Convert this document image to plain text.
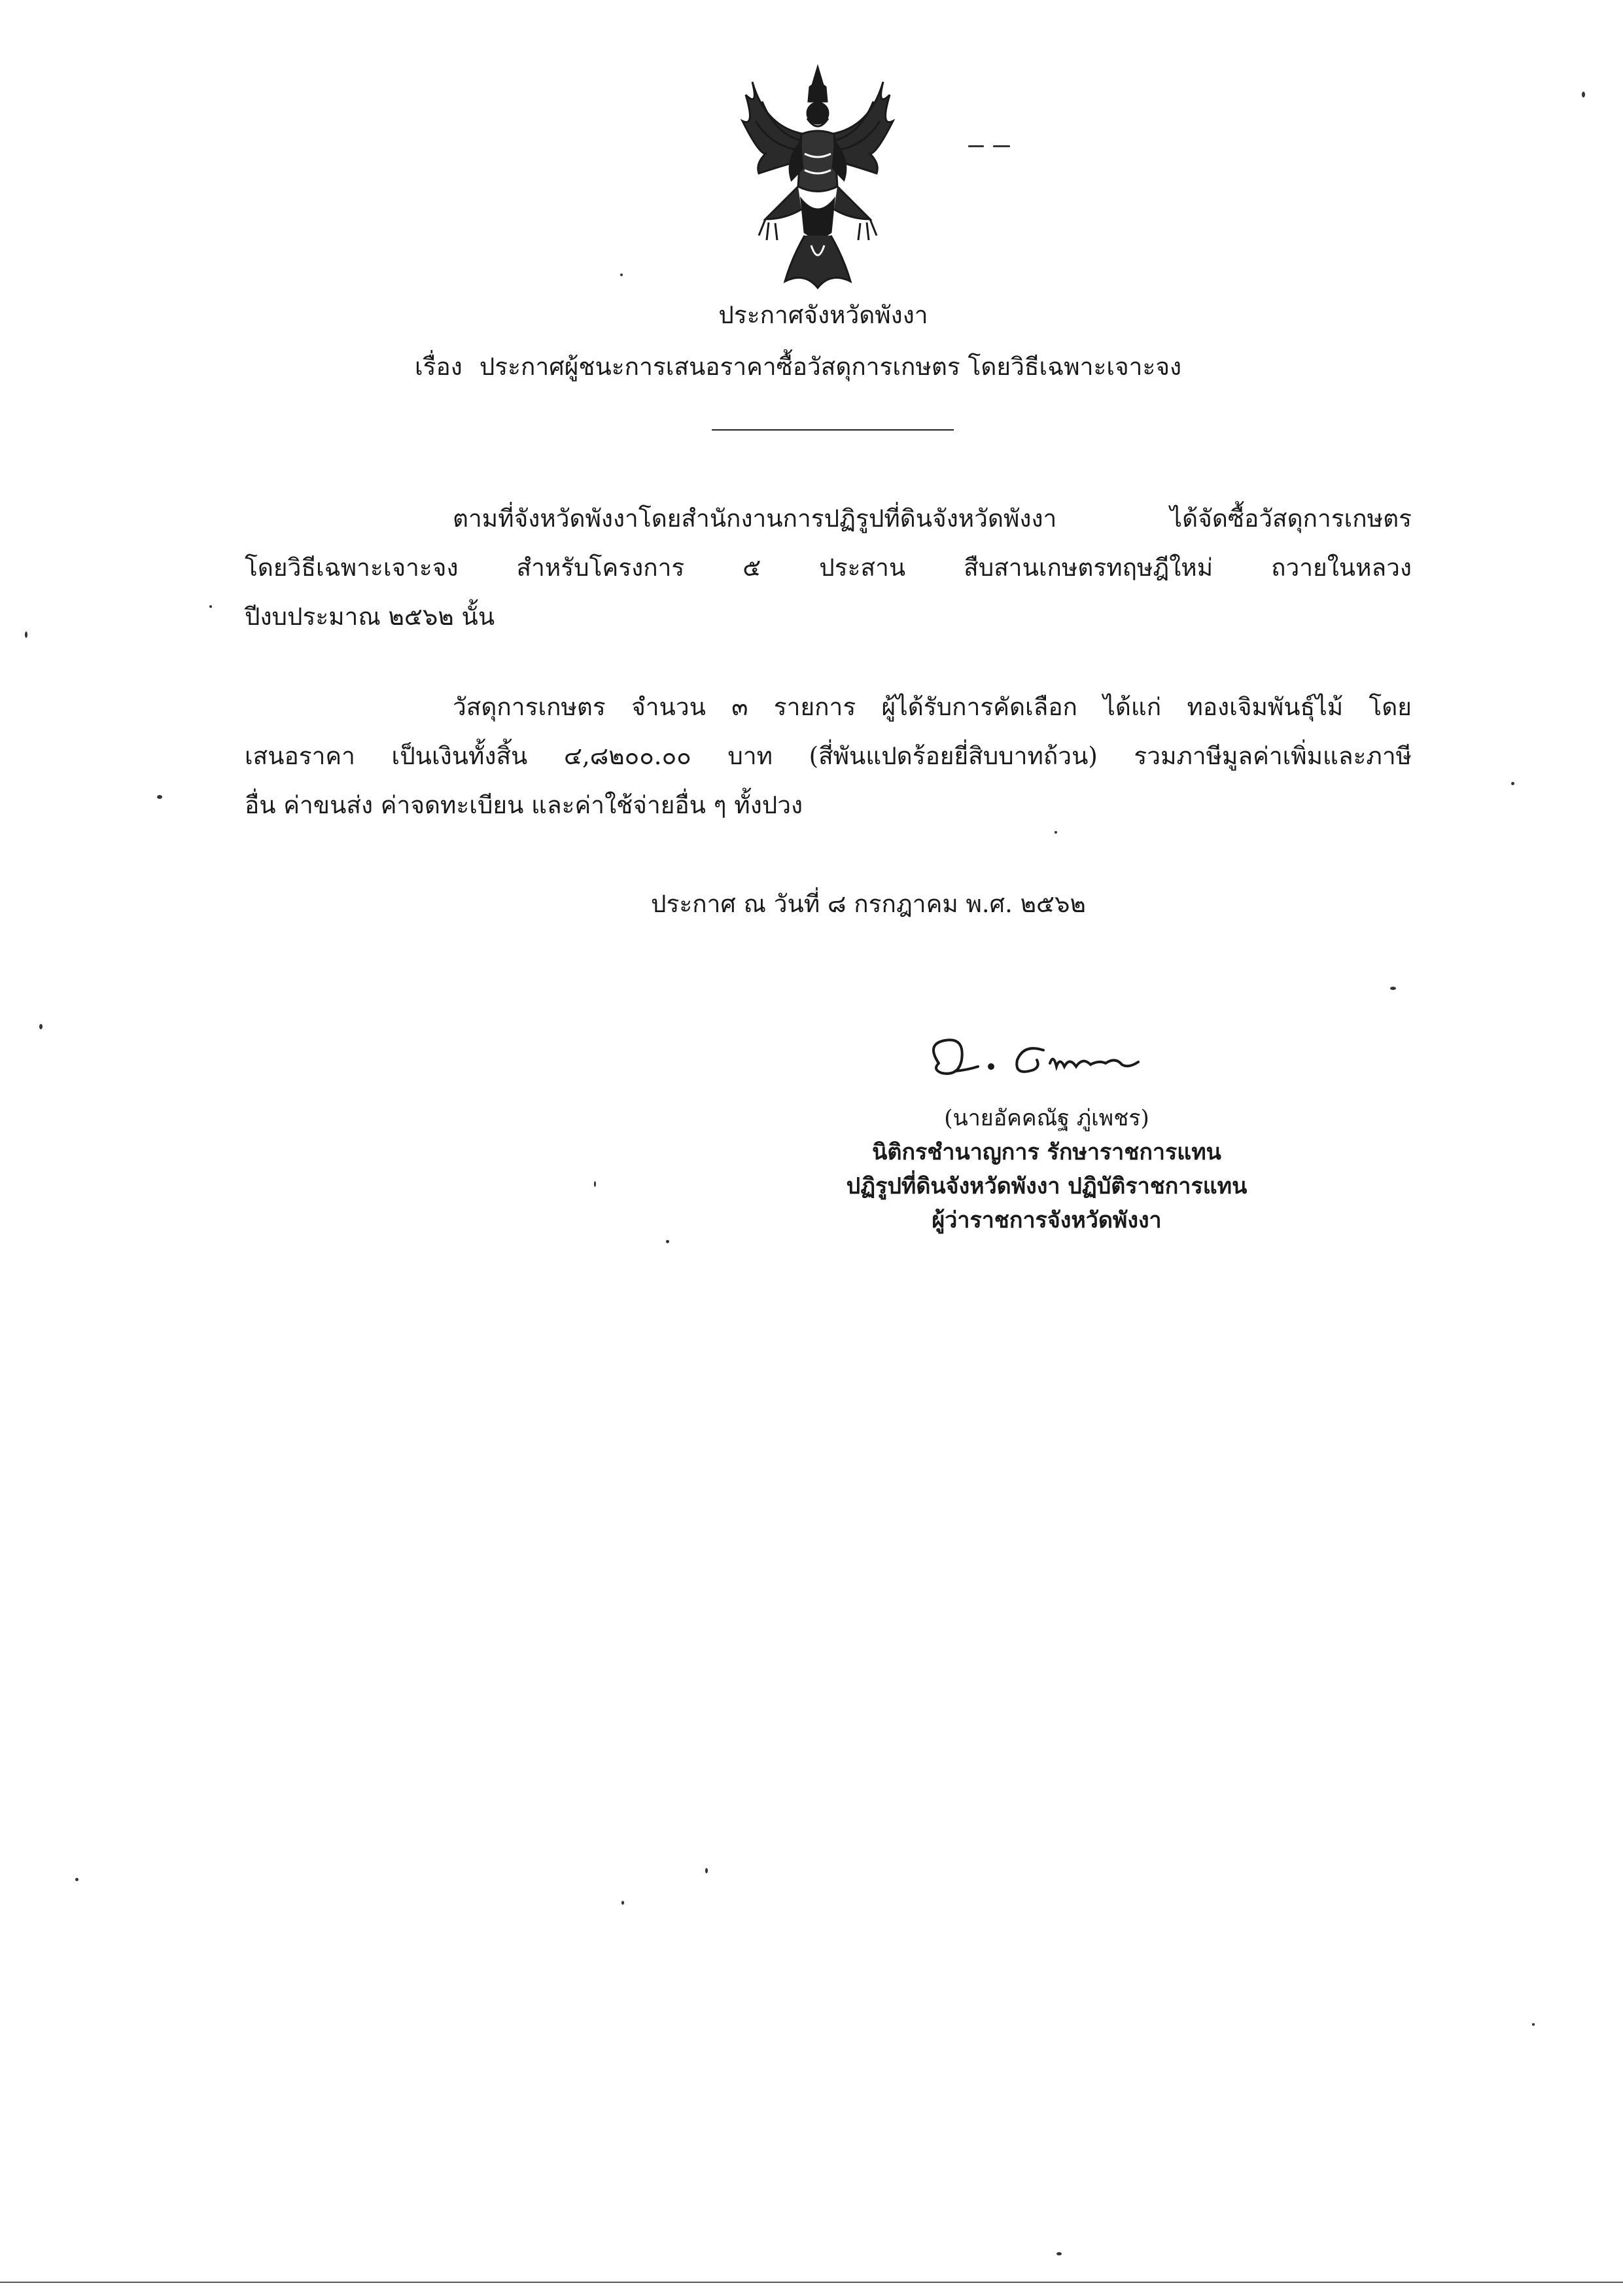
ประกาศจังหวัดพังงา
เรื่อง ประกาศผู้ชนะการเสนอราคาซื้อวัสดุการเกษตร โดยวิธีเฉพาะเจาะจง
ตามที่จังหวัดพังงาโดยสำนักงานการปฏิรูปที่ดินจังหวัดพังงา ได้จัดซื้อวัสดุการเกษตร
โดยวิธีเฉพาะเจาะจง สำหรับโครงการ ๕ ประสาน สืบสานเกษตรทฤษฎีใหม่ ถวายในหลวง
ปีงบประมาณ ๒๕๖๒ นั้น
วัสดุการเกษตร จำนวน ๓ รายการ ผู้ได้รับการคัดเลือก ได้แก่ ทองเจิมพันธุ์ไม้ โดย
เสนอราคา เป็นเงินทั้งสิ้น ๔,๘๒๐๐.๐๐ บาท (สี่พันแปดร้อยยี่สิบบาทถ้วน) รวมภาษีมูลค่าเพิ่มและภาษี
อื่น ค่าขนส่ง ค่าจดทะเบียน และค่าใช้จ่ายอื่น ๆ ทั้งปวง
ประกาศ ณ วันที่ ๘ กรกฎาคม พ.ศ. ๒๕๖๒
(นายอัคคณัฐ ภู่เพชร)
นิติกรชำนาญการ รักษาราชการแทน
ปฏิรูปที่ดินจังหวัดพังงา ปฏิบัติราชการแทน
ผู้ว่าราชการจังหวัดพังงา
